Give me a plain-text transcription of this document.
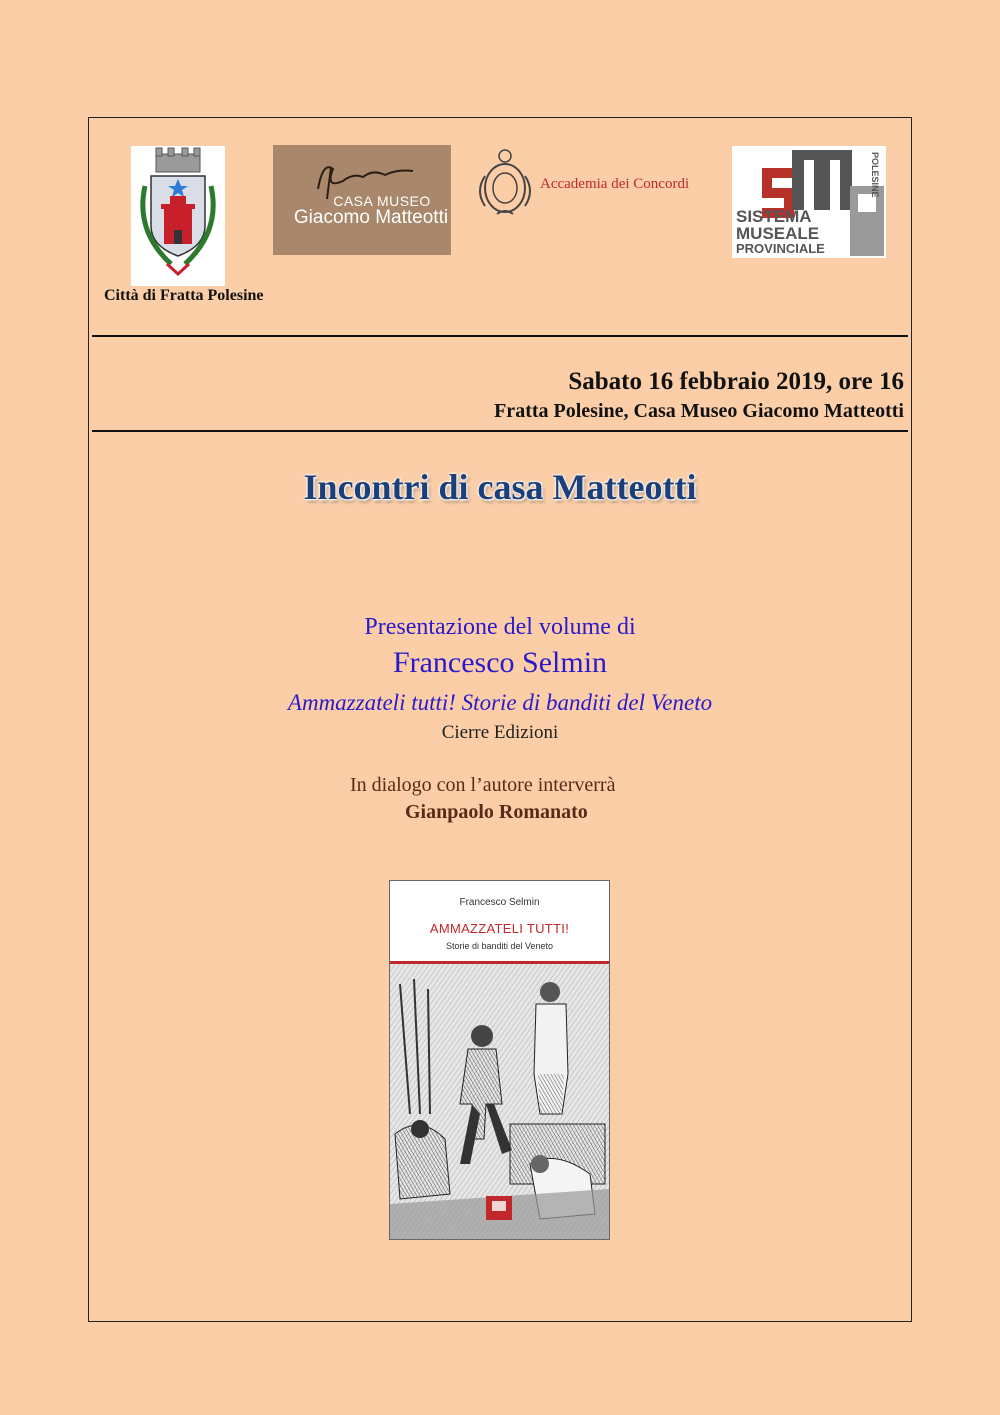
Città di Fratta Polesine
CASA MUSEO
Giacomo Matteotti
Accademia dei Concordi
SISTEMA
MUSEALE
PROVINCIALE
POLESINE
Sabato 16 febbraio 2019, ore 16
Fratta Polesine, Casa Museo Giacomo Matteotti
Incontri di casa Matteotti
Presentazione del volume di
Francesco Selmin
Ammazzateli tutti! Storie di banditi del Veneto
Cierre Edizioni
In dialogo con l’autore interverrà
Gianpaolo Romanato
Francesco Selmin
AMMAZZATELI TUTTI!
Storie di banditi del Veneto
